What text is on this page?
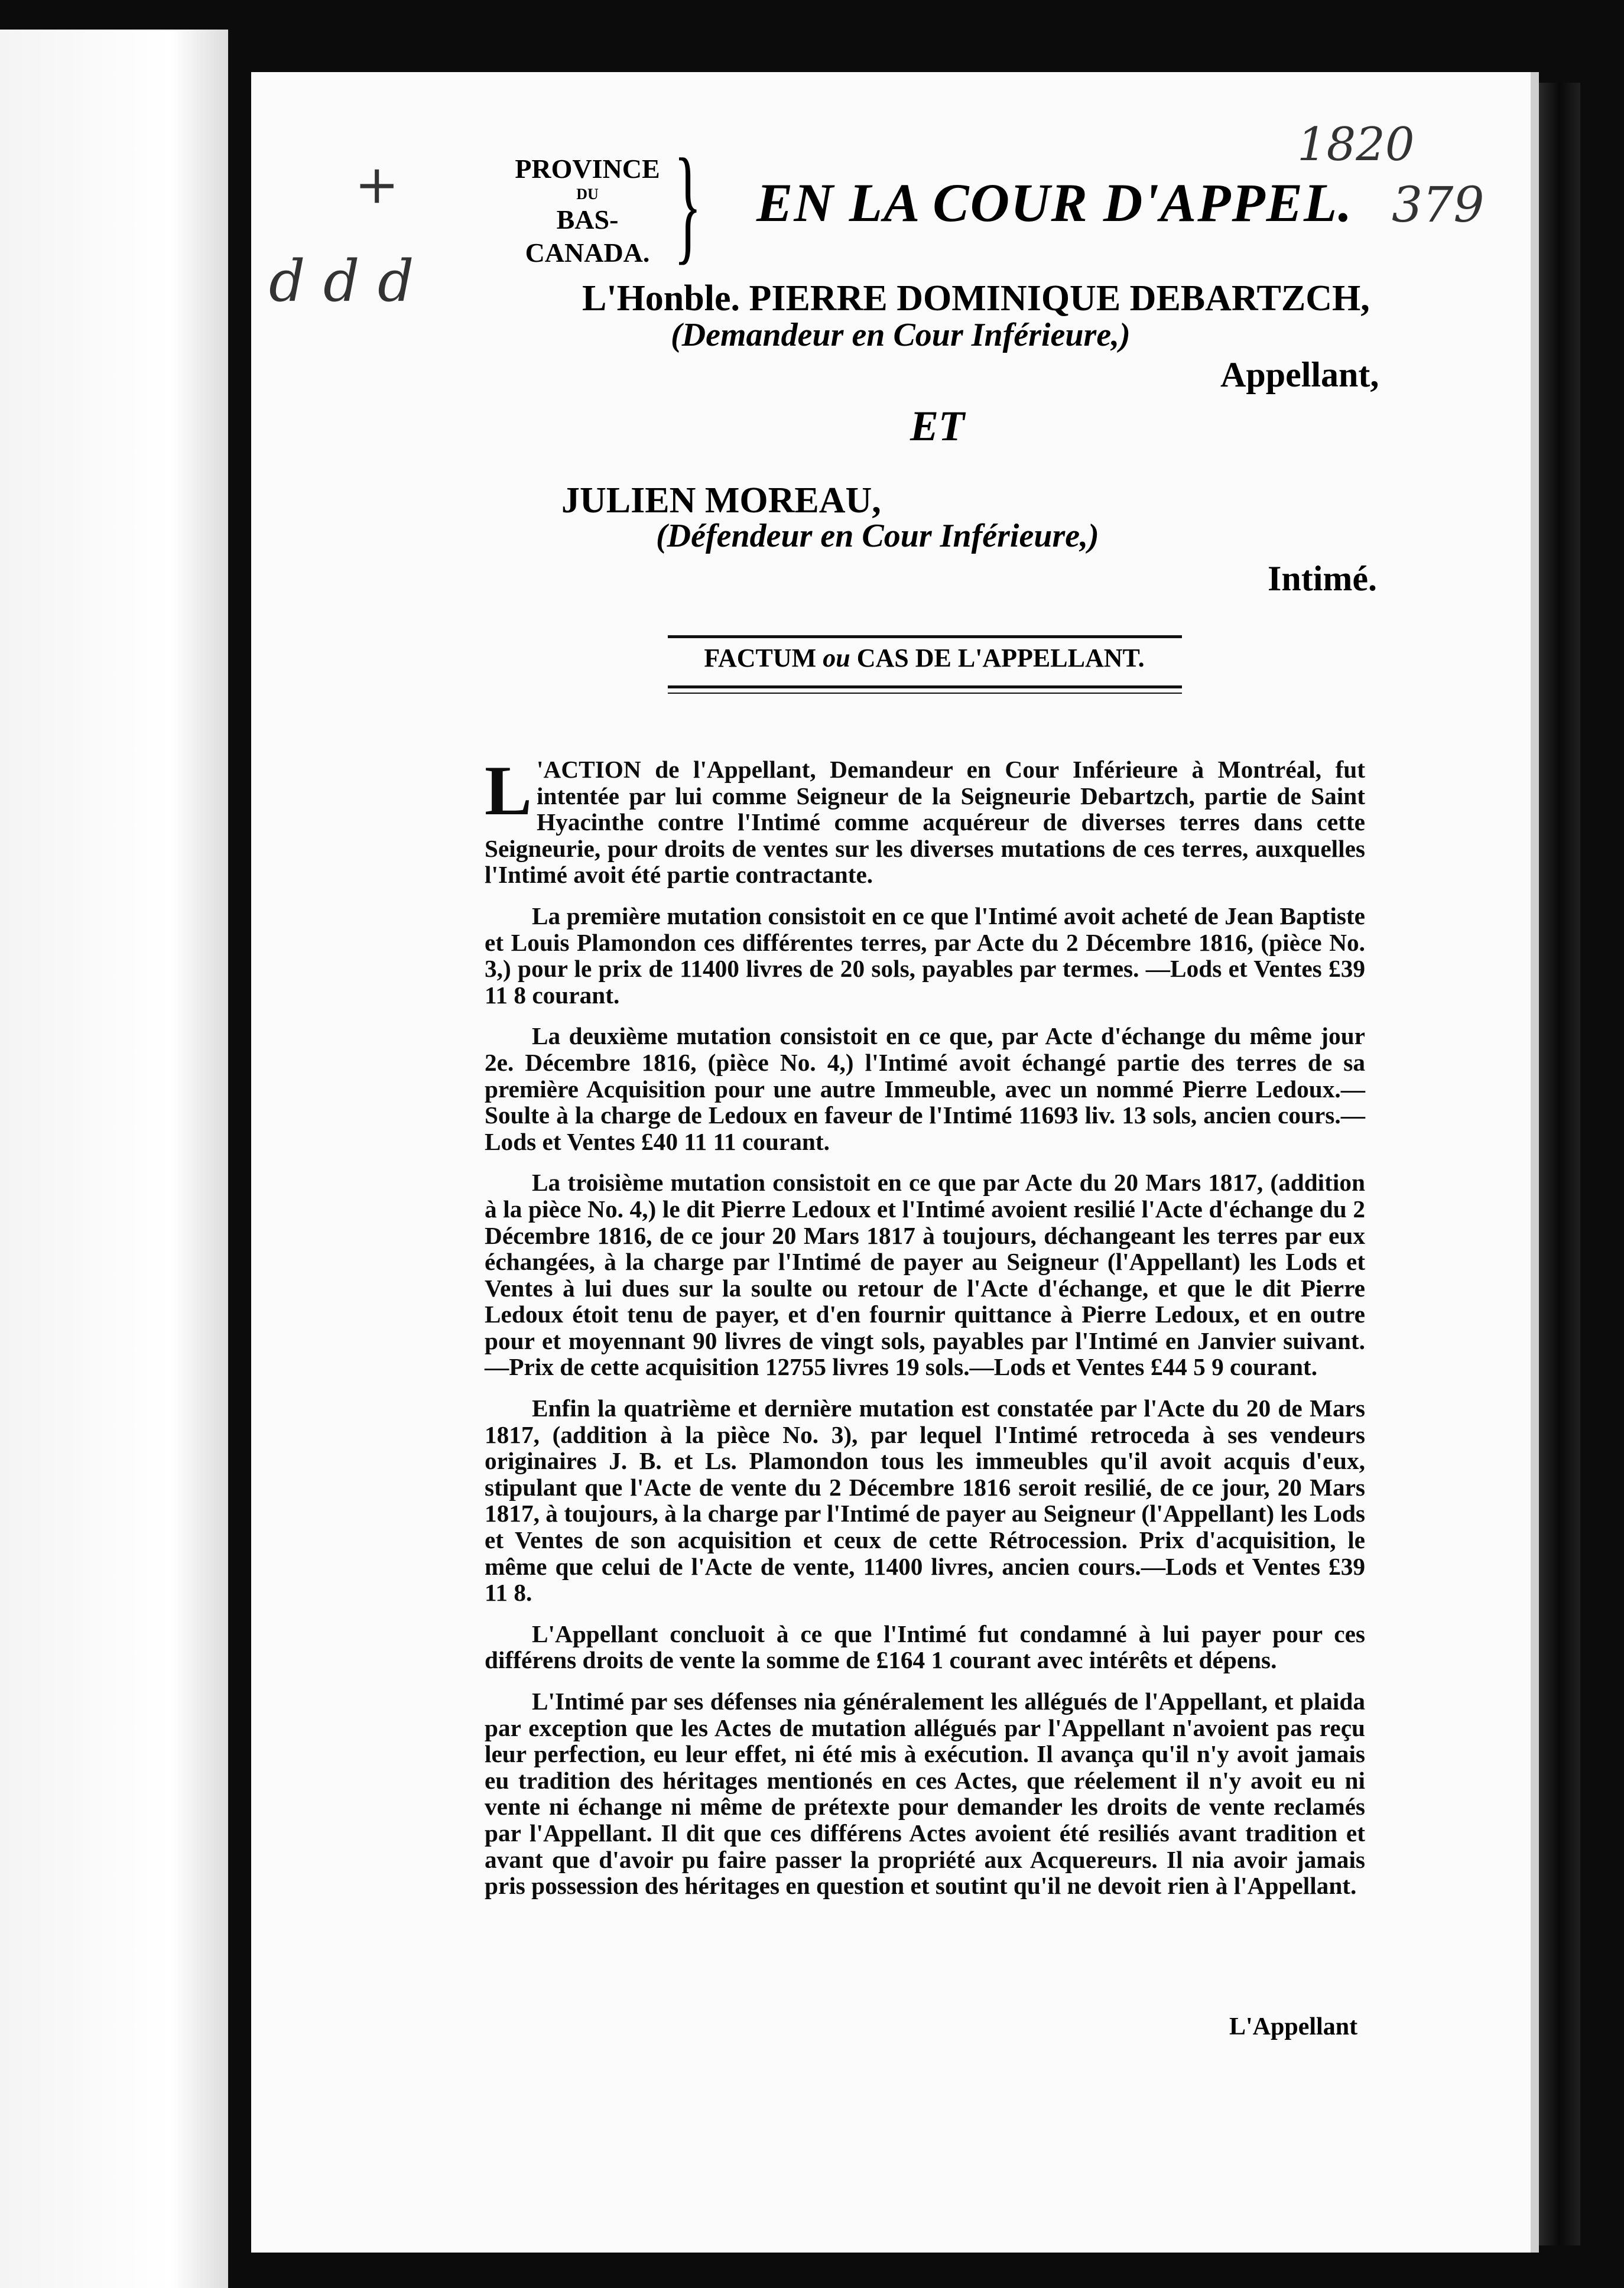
+
d d d
1820
379
PROVINCE
DU
BAS-CANADA. } EN LA COUR D'APPEL.
L'Honble. PIERRE DOMINIQUE DEBARTZCH,
(Demandeur en Cour Inférieure,)
Appellant,
ET
JULIEN MOREAU,
(Défendeur en Cour Inférieure,)
Intimé.
FACTUM ou CAS DE L'APPELLANT.

L 'ACTION de l'Appellant, Demandeur en Cour Inférieure à Montréal, fut intentée par lui comme Seigneur de la Seigneurie Debartzch, partie de Saint Hyacinthe contre l'Intimé comme acquéreur de diverses terres dans cette Seigneurie, pour droits de ventes sur les diverses mutations de ces terres, auxquelles l'Intimé avoit été partie contractante.

La première mutation consistoit en ce que l'Intimé avoit acheté de Jean Baptiste et Louis Plamondon ces différentes terres, par Acte du 2 Décembre 1816, (pièce No. 3,) pour le prix de 11400 livres de 20 sols, payables par termes. —Lods et Ventes £39 11 8 courant.

La deuxième mutation consistoit en ce que, par Acte d'échange du même jour 2e. Décembre 1816, (pièce No. 4,) l'Intimé avoit échangé partie des terres de sa première Acquisition pour une autre Immeuble, avec un nommé Pierre Ledoux.—Soulte à la charge de Ledoux en faveur de l'Intimé 11693 liv. 13 sols, ancien cours.—Lods et Ventes £40 11 11 courant.

La troisième mutation consistoit en ce que par Acte du 20 Mars 1817, (addition à la pièce No. 4,) le dit Pierre Ledoux et l'Intimé avoient resilié l'Acte d'échange du 2 Décembre 1816, de ce jour 20 Mars 1817 à toujours, déchangeant les terres par eux échangées, à la charge par l'Intimé de payer au Seigneur (l'Appellant) les Lods et Ventes à lui dues sur la soulte ou retour de l'Acte d'échange, et que le dit Pierre Ledoux étoit tenu de payer, et d'en fournir quittance à Pierre Ledoux, et en outre pour et moyennant 90 livres de vingt sols, payables par l'Intimé en Janvier suivant.—Prix de cette acquisition 12755 livres 19 sols.—Lods et Ventes £44 5 9 courant.

Enfin la quatrième et dernière mutation est constatée par l'Acte du 20 de Mars 1817, (addition à la pièce No. 3), par lequel l'Intimé retroceda à ses vendeurs originaires J. B. et Ls. Plamondon tous les immeubles qu'il avoit acquis d'eux, stipulant que l'Acte de vente du 2 Décembre 1816 seroit resilié, de ce jour, 20 Mars 1817, à toujours, à la charge par l'Intimé de payer au Seigneur (l'Appellant) les Lods et Ventes de son acquisition et ceux de cette Rétrocession. Prix d'acquisition, le même que celui de l'Acte de vente, 11400 livres, ancien cours.—Lods et Ventes £39 11 8.

L'Appellant concluoit à ce que l'Intimé fut condamné à lui payer pour ces différens droits de vente la somme de £164 1 courant avec intérêts et dépens.

L'Intimé par ses défenses nia généralement les allégués de l'Appellant, et plaida par exception que les Actes de mutation allégués par l'Appellant n'avoient pas reçu leur perfection, eu leur effet, ni été mis à exécution. Il avança qu'il n'y avoit jamais eu tradition des héritages mentionés en ces Actes, que réelement il n'y avoit eu ni vente ni échange ni même de prétexte pour demander les droits de vente reclamés par l'Appellant. Il dit que ces différens Actes avoient été resiliés avant tradition et avant que d'avoir pu faire passer la propriété aux Acquereurs. Il nia avoir jamais pris possession des héritages en question et soutint qu'il ne devoit rien à l'Appellant.

L'Appellant
